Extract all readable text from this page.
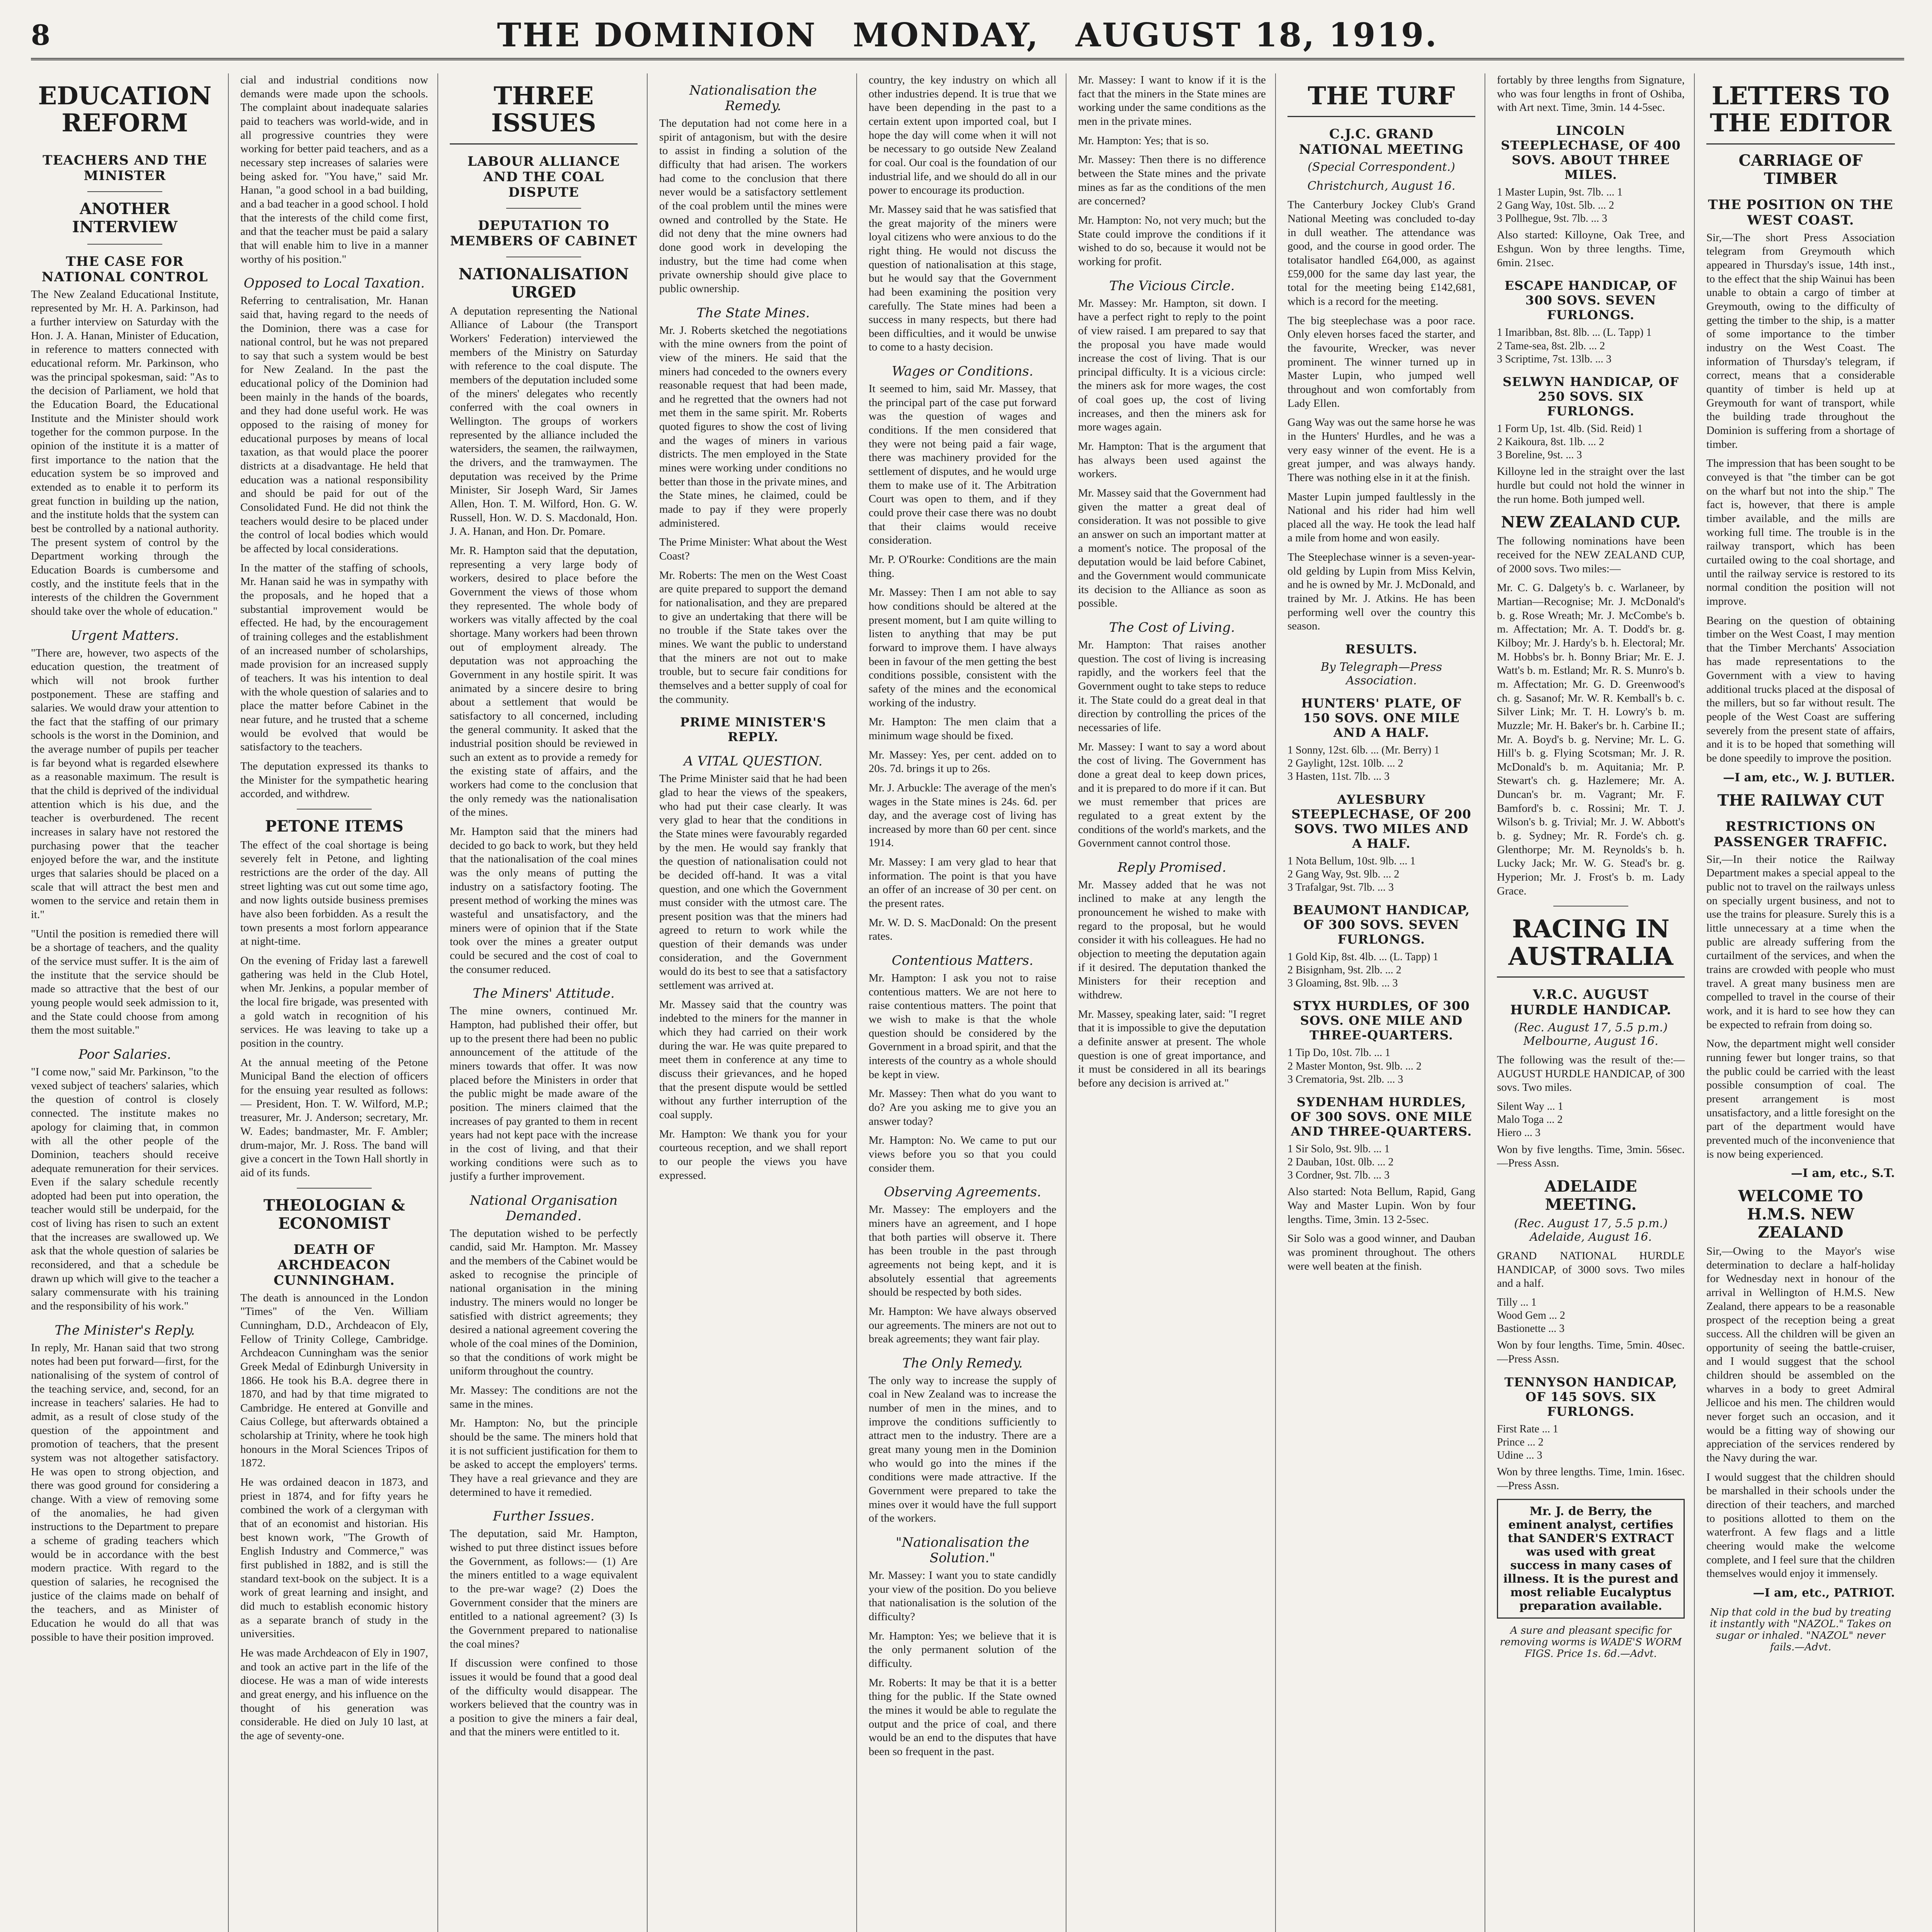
8	THE DOMINION MONDAY, AUGUST 18, 1919.
EDUCATION REFORM
TEACHERS AND THE MINISTER
ANOTHER INTERVIEW
THE CASE FOR NATIONAL CONTROL

The New Zealand Educational Institute, represented by Mr. H. A. Parkinson, had a further interview on Saturday with the Hon. J. A. Hanan, Minister of Education, in reference to matters connected with educational reform. Mr. Parkinson, who was the principal spokesman, said: "As to the decision of Parliament, we hold that the Education Board, the Educational Institute and the Minister should work together for the common purpose. In the opinion of the institute it is a matter of first importance to the nation that the education system be so improved and extended as to enable it to perform its great function in building up the nation, and the institute holds that the system can best be controlled by a national authority. The present system of control by the Department working through the Education Boards is cumbersome and costly, and the institute feels that in the interests of the children the Government should take over the whole of education."

Urgent Matters.

"There are, however, two aspects of the education question, the treatment of which will not brook further postponement. These are staffing and salaries. We would draw your attention to the fact that the staffing of our primary schools is the worst in the Dominion, and the average number of pupils per teacher is far beyond what is regarded elsewhere as a reasonable maximum. The result is that the child is deprived of the individual attention which is his due, and the teacher is overburdened. The recent increases in salary have not restored the purchasing power that the teacher enjoyed before the war, and the institute urges that salaries should be placed on a scale that will attract the best men and women to the service and retain them in it."

"Until the position is remedied there will be a shortage of teachers, and the quality of the service must suffer. It is the aim of the institute that the service should be made so attractive that the best of our young people would seek admission to it, and the State could choose from among them the most suitable."

Poor Salaries.

"I come now," said Mr. Parkinson, "to the vexed subject of teachers' salaries, which the question of control is closely connected. The institute makes no apology for claiming that, in common with all the other people of the Dominion, teachers should receive adequate remuneration for their services. Even if the salary schedule recently adopted had been put into operation, the teacher would still be underpaid, for the cost of living has risen to such an extent that the increases are swallowed up. We ask that the whole question of salaries be reconsidered, and that a schedule be drawn up which will give to the teacher a salary commensurate with his training and the responsibility of his work."

The Minister's Reply.

In reply, Mr. Hanan said that two strong notes had been put forward—first, for the nationalising of the system of control of the teaching service, and, second, for an increase in teachers' salaries. He had to admit, as a result of close study of the question of the appointment and promotion of teachers, that the present system was not altogether satisfactory. He was open to strong objection, and there was good ground for considering a change. With a view of removing some of the anomalies, he had given instructions to the Department to prepare a scheme of grading teachers which would be in accordance with the best modern practice. With regard to the question of salaries, he recognised the justice of the claims made on behalf of the teachers, and as Minister of Education he would do all that was possible to have their position improved.

cial and industrial conditions now demands were made upon the schools. The complaint about inadequate salaries paid to teachers was world-wide, and in all progressive countries they were working for better paid teachers, and as a necessary step increases of salaries were being asked for. "You have," said Mr. Hanan, "a good school in a bad building, and a bad teacher in a good school. I hold that the interests of the child come first, and that the teacher must be paid a salary that will enable him to live in a manner worthy of his position."

Opposed to Local Taxation.

Referring to centralisation, Mr. Hanan said that, having regard to the needs of the Dominion, there was a case for national control, but he was not prepared to say that such a system would be best for New Zealand. In the past the educational policy of the Dominion had been mainly in the hands of the boards, and they had done useful work. He was opposed to the raising of money for educational purposes by means of local taxation, as that would place the poorer districts at a disadvantage. He held that education was a national responsibility and should be paid for out of the Consolidated Fund. He did not think the teachers would desire to be placed under the control of local bodies which would be affected by local considerations.

In the matter of the staffing of schools, Mr. Hanan said he was in sympathy with the proposals, and he hoped that a substantial improvement would be effected. He had, by the encouragement of training colleges and the establishment of an increased number of scholarships, made provision for an increased supply of teachers. It was his intention to deal with the whole question of salaries and to place the matter before Cabinet in the near future, and he trusted that a scheme would be evolved that would be satisfactory to the teachers.

The deputation expressed its thanks to the Minister for the sympathetic hearing accorded, and withdrew.

PETONE ITEMS

The effect of the coal shortage is being severely felt in Petone, and lighting restrictions are the order of the day. All street lighting was cut out some time ago, and now lights outside business premises have also been forbidden. As a result the town presents a most forlorn appearance at night-time.

On the evening of Friday last a farewell gathering was held in the Club Hotel, when Mr. Jenkins, a popular member of the local fire brigade, was presented with a gold watch in recognition of his services. He was leaving to take up a position in the country.

At the annual meeting of the Petone Municipal Band the election of officers for the ensuing year resulted as follows: — President, Hon. T. W. Wilford, M.P.; treasurer, Mr. J. Anderson; secretary, Mr. W. Eades; bandmaster, Mr. F. Ambler; drum-major, Mr. J. Ross. The band will give a concert in the Town Hall shortly in aid of its funds.

THEOLOGIAN & ECONOMIST
DEATH OF ARCHDEACON CUNNINGHAM.

The death is announced in the London "Times" of the Ven. William Cunningham, D.D., Archdeacon of Ely, Fellow of Trinity College, Cambridge. Archdeacon Cunningham was the senior Greek Medal of Edinburgh University in 1866. He took his B.A. degree there in 1870, and had by that time migrated to Cambridge. He entered at Gonville and Caius College, but afterwards obtained a scholarship at Trinity, where he took high honours in the Moral Sciences Tripos of 1872.

He was ordained deacon in 1873, and priest in 1874, and for fifty years he combined the work of a clergyman with that of an economist and historian. His best known work, "The Growth of English Industry and Commerce," was first published in 1882, and is still the standard text-book on the subject. It is a work of great learning and insight, and did much to establish economic history as a separate branch of study in the universities.

He was made Archdeacon of Ely in 1907, and took an active part in the life of the diocese. He was a man of wide interests and great energy, and his influence on the thought of his generation was considerable. He died on July 10 last, at the age of seventy-one.

THREE ISSUES
LABOUR ALLIANCE AND THE COAL DISPUTE
DEPUTATION TO MEMBERS OF CABINET
NATIONALISATION URGED

A deputation representing the National Alliance of Labour (the Transport Workers' Federation) interviewed the members of the Ministry on Saturday with reference to the coal dispute. The members of the deputation included some of the miners' delegates who recently conferred with the coal owners in Wellington. The groups of workers represented by the alliance included the watersiders, the seamen, the railwaymen, the drivers, and the tramwaymen. The deputation was received by the Prime Minister, Sir Joseph Ward, Sir James Allen, Hon. T. M. Wilford, Hon. G. W. Russell, Hon. W. D. S. Macdonald, Hon. J. A. Hanan, and Hon. Dr. Pomare.

Mr. R. Hampton said that the deputation, representing a very large body of workers, desired to place before the Government the views of those whom they represented. The whole body of workers was vitally affected by the coal shortage. Many workers had been thrown out of employment already. The deputation was not approaching the Government in any hostile spirit. It was animated by a sincere desire to bring about a settlement that would be satisfactory to all concerned, including the general community. It asked that the industrial position should be reviewed in such an extent as to provide a remedy for the existing state of affairs, and the workers had come to the conclusion that the only remedy was the nationalisation of the mines.

Mr. Hampton said that the miners had decided to go back to work, but they held that the nationalisation of the coal mines was the only means of putting the industry on a satisfactory footing. The present method of working the mines was wasteful and unsatisfactory, and the miners were of opinion that if the State took over the mines a greater output could be secured and the cost of coal to the consumer reduced.

The Miners' Attitude.

The mine owners, continued Mr. Hampton, had published their offer, but up to the present there had been no public announcement of the attitude of the miners towards that offer. It was now placed before the Ministers in order that the public might be made aware of the position. The miners claimed that the increases of pay granted to them in recent years had not kept pace with the increase in the cost of living, and that their working conditions were such as to justify a further improvement.

National Organisation Demanded.

The deputation wished to be perfectly candid, said Mr. Hampton. Mr. Massey and the members of the Cabinet would be asked to recognise the principle of national organisation in the mining industry. The miners would no longer be satisfied with district agreements; they desired a national agreement covering the whole of the coal mines of the Dominion, so that the conditions of work might be uniform throughout the country.

Mr. Massey: The conditions are not the same in the mines.

Mr. Hampton: No, but the principle should be the same. The miners hold that it is not sufficient justification for them to be asked to accept the employers' terms. They have a real grievance and they are determined to have it remedied.

Further Issues.

The deputation, said Mr. Hampton, wished to put three distinct issues before the Government, as follows:— (1) Are the miners entitled to a wage equivalent to the pre-war wage? (2) Does the Government consider that the miners are entitled to a national agreement? (3) Is the Government prepared to nationalise the coal mines?

If discussion were confined to those issues it would be found that a good deal of the difficulty would disappear. The workers believed that the country was in a position to give the miners a fair deal, and that the miners were entitled to it.

Nationalisation the Remedy.

The deputation had not come here in a spirit of antagonism, but with the desire to assist in finding a solution of the difficulty that had arisen. The workers had come to the conclusion that there never would be a satisfactory settlement of the coal problem until the mines were owned and controlled by the State. He did not deny that the mine owners had done good work in developing the industry, but the time had come when private ownership should give place to public ownership.

The State Mines.

Mr. J. Roberts sketched the negotiations with the mine owners from the point of view of the miners. He said that the miners had conceded to the owners every reasonable request that had been made, and he regretted that the owners had not met them in the same spirit. Mr. Roberts quoted figures to show the cost of living and the wages of miners in various districts. The men employed in the State mines were working under conditions no better than those in the private mines, and the State mines, he claimed, could be made to pay if they were properly administered.

The Prime Minister: What about the West Coast?

Mr. Roberts: The men on the West Coast are quite prepared to support the demand for nationalisation, and they are prepared to give an undertaking that there will be no trouble if the State takes over the mines. We want the public to understand that the miners are not out to make trouble, but to secure fair conditions for themselves and a better supply of coal for the community.

PRIME MINISTER'S REPLY.
A VITAL QUESTION.

The Prime Minister said that he had been glad to hear the views of the speakers, who had put their case clearly. It was very glad to hear that the conditions in the State mines were favourably regarded by the men. He would say frankly that the question of nationalisation could not be decided off-hand. It was a vital question, and one which the Government must consider with the utmost care. The present position was that the miners had agreed to return to work while the question of their demands was under consideration, and the Government would do its best to see that a satisfactory settlement was arrived at.

Mr. Massey said that the country was indebted to the miners for the manner in which they had carried on their work during the war. He was quite prepared to meet them in conference at any time to discuss their grievances, and he hoped that the present dispute would be settled without any further interruption of the coal supply.

Mr. Hampton: We thank you for your courteous reception, and we shall report to our people the views you have expressed.

country, the key industry on which all other industries depend. It is true that we have been depending in the past to a certain extent upon imported coal, but I hope the day will come when it will not be necessary to go outside New Zealand for coal. Our coal is the foundation of our industrial life, and we should do all in our power to encourage its production.

Mr. Massey said that he was satisfied that the great majority of the miners were loyal citizens who were anxious to do the right thing. He would not discuss the question of nationalisation at this stage, but he would say that the Government had been examining the position very carefully. The State mines had been a success in many respects, but there had been difficulties, and it would be unwise to come to a hasty decision.

Wages or Conditions.

It seemed to him, said Mr. Massey, that the principal part of the case put forward was the question of wages and conditions. If the men considered that they were not being paid a fair wage, there was machinery provided for the settlement of disputes, and he would urge them to make use of it. The Arbitration Court was open to them, and if they could prove their case there was no doubt that their claims would receive consideration.

Mr. P. O'Rourke: Conditions are the main thing.

Mr. Massey: Then I am not able to say how conditions should be altered at the present moment, but I am quite willing to listen to anything that may be put forward to improve them. I have always been in favour of the men getting the best conditions possible, consistent with the safety of the mines and the economical working of the industry.

Mr. Hampton: The men claim that a minimum wage should be fixed.

Mr. Massey: Yes, per cent. added on to 20s. 7d. brings it up to 26s.

Mr. J. Arbuckle: The average of the men's wages in the State mines is 24s. 6d. per day, and the average cost of living has increased by more than 60 per cent. since 1914.

Mr. Massey: I am very glad to hear that information. The point is that you have an offer of an increase of 30 per cent. on the present rates.

Mr. W. D. S. MacDonald: On the present rates.

Contentious Matters.

Mr. Hampton: I ask you not to raise contentious matters. We are not here to raise contentious matters. The point that we wish to make is that the whole question should be considered by the Government in a broad spirit, and that the interests of the country as a whole should be kept in view.

Mr. Massey: Then what do you want to do? Are you asking me to give you an answer today?

Mr. Hampton: No. We came to put our views before you so that you could consider them.

Observing Agreements.

Mr. Massey: The employers and the miners have an agreement, and I hope that both parties will observe it. There has been trouble in the past through agreements not being kept, and it is absolutely essential that agreements should be respected by both sides.

Mr. Hampton: We have always observed our agreements. The miners are not out to break agreements; they want fair play.

The Only Remedy.

The only way to increase the supply of coal in New Zealand was to increase the number of men in the mines, and to improve the conditions sufficiently to attract men to the industry. There are a great many young men in the Dominion who would go into the mines if the conditions were made attractive. If the Government were prepared to take the mines over it would have the full support of the workers.

"Nationalisation the Solution."

Mr. Massey: I want you to state candidly your view of the position. Do you believe that nationalisation is the solution of the difficulty?

Mr. Hampton: Yes; we believe that it is the only permanent solution of the difficulty.

Mr. Roberts: It may be that it is a better thing for the public. If the State owned the mines it would be able to regulate the output and the price of coal, and there would be an end to the disputes that have been so frequent in the past.

Mr. Massey: I want to know if it is the fact that the miners in the State mines are working under the same conditions as the men in the private mines.

Mr. Hampton: Yes; that is so.

Mr. Massey: Then there is no difference between the State mines and the private mines as far as the conditions of the men are concerned?

Mr. Hampton: No, not very much; but the State could improve the conditions if it wished to do so, because it would not be working for profit.

The Vicious Circle.

Mr. Massey: Mr. Hampton, sit down. I have a perfect right to reply to the point of view raised. I am prepared to say that the proposal you have made would increase the cost of living. That is our principal difficulty. It is a vicious circle: the miners ask for more wages, the cost of coal goes up, the cost of living increases, and then the miners ask for more wages again.

Mr. Hampton: That is the argument that has always been used against the workers.

Mr. Massey said that the Government had given the matter a great deal of consideration. It was not possible to give an answer on such an important matter at a moment's notice. The proposal of the deputation would be laid before Cabinet, and the Government would communicate its decision to the Alliance as soon as possible.

The Cost of Living.

Mr. Hampton: That raises another question. The cost of living is increasing rapidly, and the workers feel that the Government ought to take steps to reduce it. The State could do a great deal in that direction by controlling the prices of the necessaries of life.

Mr. Massey: I want to say a word about the cost of living. The Government has done a great deal to keep down prices, and it is prepared to do more if it can. But we must remember that prices are regulated to a great extent by the conditions of the world's markets, and the Government cannot control those.

Reply Promised.

Mr. Massey added that he was not inclined to make at any length the pronouncement he wished to make with regard to the proposal, but he would consider it with his colleagues. He had no objection to meeting the deputation again if it desired. The deputation thanked the Ministers for their reception and withdrew.

Mr. Massey, speaking later, said: "I regret that it is impossible to give the deputation a definite answer at present. The whole question is one of great importance, and it must be considered in all its bearings before any decision is arrived at."

THE TURF
C.J.C. GRAND NATIONAL MEETING
(Special Correspondent.)
Christchurch, August 16.

The Canterbury Jockey Club's Grand National Meeting was concluded to-day in dull weather. The attendance was good, and the course in good order. The totalisator handled £64,000, as against £59,000 for the same day last year, the total for the meeting being £142,681, which is a record for the meeting.

The big steeplechase was a poor race. Only eleven horses faced the starter, and the favourite, Wrecker, was never prominent. The winner turned up in Master Lupin, who jumped well throughout and won comfortably from Lady Ellen.

Gang Way was out the same horse he was in the Hunters' Hurdles, and he was a very easy winner of the event. He is a great jumper, and was always handy. There was nothing else in it at the finish.

Master Lupin jumped faultlessly in the National and his rider had him well placed all the way. He took the lead half a mile from home and won easily.

The Steeplechase winner is a seven-year-old gelding by Lupin from Miss Kelvin, and he is owned by Mr. J. McDonald, and trained by Mr. J. Atkins. He has been performing well over the country this season.

RESULTS.
By Telegraph—Press Association.
HUNTERS' PLATE, OF 150 SOVS. ONE MILE AND A HALF.
1 Sonny, 12st. 6lb. ... (Mr. Berry) 1
2 Gaylight, 12st. 10lb. ... 2
3 Hasten, 11st. 7lb. ... 3
AYLESBURY STEEPLECHASE, OF 200 SOVS. TWO MILES AND A HALF.
1 Nota Bellum, 10st. 9lb. ... 1
2 Gang Way, 9st. 9lb. ... 2
3 Trafalgar, 9st. 7lb. ... 3
BEAUMONT HANDICAP, OF 300 SOVS. SEVEN FURLONGS.
1 Gold Kip, 8st. 4lb. ... (L. Tapp) 1
2 Bisignham, 9st. 2lb. ... 2
3 Gloaming, 8st. 9lb. ... 3
STYX HURDLES, OF 300 SOVS. ONE MILE AND THREE-QUARTERS.
1 Tip Do, 10st. 7lb. ... 1
2 Master Monton, 9st. 9lb. ... 2
3 Crematoria, 9st. 2lb. ... 3
SYDENHAM HURDLES, OF 300 SOVS. ONE MILE AND THREE-QUARTERS.
1 Sir Solo, 9st. 9lb. ... 1
2 Dauban, 10st. 0lb. ... 2
3 Cordner, 9st. 7lb. ... 3

Also started: Nota Bellum, Rapid, Gang Way and Master Lupin. Won by four lengths. Time, 3min. 13 2-5sec.

Sir Solo was a good winner, and Dauban was prominent throughout. The others were well beaten at the finish.

fortably by three lengths from Signature, who was four lengths in front of Oshiba, with Art next. Time, 3min. 14 4-5sec.

LINCOLN STEEPLECHASE, OF 400 SOVS. ABOUT THREE MILES.
1 Master Lupin, 9st. 7lb. ... 1
2 Gang Way, 10st. 5lb. ... 2
3 Pollhegue, 9st. 7lb. ... 3

Also started: Killoyne, Oak Tree, and Eshgun. Won by three lengths. Time, 6min. 21sec.

ESCAPE HANDICAP, OF 300 SOVS. SEVEN FURLONGS.
1 Imaribban, 8st. 8lb. ... (L. Tapp) 1
2 Tame-sea, 8st. 2lb. ... 2
3 Scriptime, 7st. 13lb. ... 3
SELWYN HANDICAP, OF 250 SOVS. SIX FURLONGS.
1 Form Up, 1st. 4lb. (Sid. Reid) 1
2 Kaikoura, 8st. 1lb. ... 2
3 Boreline, 9st. ... 3

Killoyne led in the straight over the last hurdle but could not hold the winner in the run home. Both jumped well.

NEW ZEALAND CUP.

The following nominations have been received for the NEW ZEALAND CUP, of 2000 sovs. Two miles:—

Mr. C. G. Dalgety's b. c. Warlaneer, by Martian—Recognise; Mr. J. McDonald's b. g. Rose Wreath; Mr. J. McCombe's b. m. Affectation; Mr. A. T. Dodd's br. g. Kilboy; Mr. J. Hardy's b. h. Electoral; Mr. M. Hobbs's br. h. Bonny Briar; Mr. E. J. Watt's b. m. Estland; Mr. R. S. Munro's b. m. Affectation; Mr. G. D. Greenwood's ch. g. Sasanof; Mr. W. R. Kemball's b. c. Silver Link; Mr. T. H. Lowry's b. m. Muzzle; Mr. H. Baker's br. h. Carbine II.; Mr. A. Boyd's b. g. Nervine; Mr. L. G. Hill's b. g. Flying Scotsman; Mr. J. R. McDonald's b. m. Aquitania; Mr. P. Stewart's ch. g. Hazlemere; Mr. A. Duncan's br. m. Vagrant; Mr. F. Bamford's b. c. Rossini; Mr. T. J. Wilson's b. g. Trivial; Mr. J. W. Abbott's b. g. Sydney; Mr. R. Forde's ch. g. Glenthorpe; Mr. M. Reynolds's b. h. Lucky Jack; Mr. W. G. Stead's br. g. Hyperion; Mr. J. Frost's b. m. Lady Grace.

RACING IN AUSTRALIA
V.R.C. AUGUST HURDLE HANDICAP.
(Rec. August 17, 5.5 p.m.) Melbourne, August 16.

The following was the result of the:— AUGUST HURDLE HANDICAP, of 300 sovs. Two miles.

Silent Way ... 1
Malo Toga ... 2
Hiero ... 3

Won by five lengths. Time, 3min. 56sec.—Press Assn.

ADELAIDE MEETING.
(Rec. August 17, 5.5 p.m.) Adelaide, August 16.

GRAND NATIONAL HURDLE HANDICAP, of 3000 sovs. Two miles and a half.

Tilly ... 1
Wood Gem ... 2
Bastionette ... 3

Won by four lengths. Time, 5min. 40sec.—Press Assn.

TENNYSON HANDICAP, OF 145 SOVS. SIX FURLONGS.
First Rate ... 1
Prince ... 2
Udine ... 3

Won by three lengths. Time, 1min. 16sec.—Press Assn.

Mr. J. de Berry, the eminent analyst, certifies that SANDER'S EXTRACT was used with great success in many cases of illness. It is the purest and most reliable Eucalyptus preparation available.
A sure and pleasant specific for removing worms is WADE'S WORM FIGS. Price 1s. 6d.—Advt.
LETTERS TO THE EDITOR
CARRIAGE OF TIMBER
THE POSITION ON THE WEST COAST.

Sir,—The short Press Association telegram from Greymouth which appeared in Thursday's issue, 14th inst., to the effect that the ship Wainui has been unable to obtain a cargo of timber at Greymouth, owing to the difficulty of getting the timber to the ship, is a matter of some importance to the timber industry on the West Coast. The information of Thursday's telegram, if correct, means that a considerable quantity of timber is held up at Greymouth for want of transport, while the building trade throughout the Dominion is suffering from a shortage of timber.

The impression that has been sought to be conveyed is that "the timber can be got on the wharf but not into the ship." The fact is, however, that there is ample timber available, and the mills are working full time. The trouble is in the railway transport, which has been curtailed owing to the coal shortage, and until the railway service is restored to its normal condition the position will not improve.

Bearing on the question of obtaining timber on the West Coast, I may mention that the Timber Merchants' Association has made representations to the Government with a view to having additional trucks placed at the disposal of the millers, but so far without result. The people of the West Coast are suffering severely from the present state of affairs, and it is to be hoped that something will be done speedily to improve the position.

—I am, etc., W. J. BUTLER.
THE RAILWAY CUT
RESTRICTIONS ON PASSENGER TRAFFIC.

Sir,—In their notice the Railway Department makes a special appeal to the public not to travel on the railways unless on specially urgent business, and not to use the trains for pleasure. Surely this is a little unnecessary at a time when the public are already suffering from the curtailment of the services, and when the trains are crowded with people who must travel. A great many business men are compelled to travel in the course of their work, and it is hard to see how they can be expected to refrain from doing so.

Now, the department might well consider running fewer but longer trains, so that the public could be carried with the least possible consumption of coal. The present arrangement is most unsatisfactory, and a little foresight on the part of the department would have prevented much of the inconvenience that is now being experienced.

—I am, etc., S.T.
WELCOME TO H.M.S. NEW ZEALAND

Sir,—Owing to the Mayor's wise determination to declare a half-holiday for Wednesday next in honour of the arrival in Wellington of H.M.S. New Zealand, there appears to be a reasonable prospect of the reception being a great success. All the children will be given an opportunity of seeing the battle-cruiser, and I would suggest that the school children should be assembled on the wharves in a body to greet Admiral Jellicoe and his men. The children would never forget such an occasion, and it would be a fitting way of showing our appreciation of the services rendered by the Navy during the war.

I would suggest that the children should be marshalled in their schools under the direction of their teachers, and marched to positions allotted to them on the waterfront. A few flags and a little cheering would make the welcome complete, and I feel sure that the children themselves would enjoy it immensely.

—I am, etc., PATRIOT.
Nip that cold in the bud by treating it instantly with "NAZOL." Takes on sugar or inhaled. "NAZOL" never fails.—Advt.
